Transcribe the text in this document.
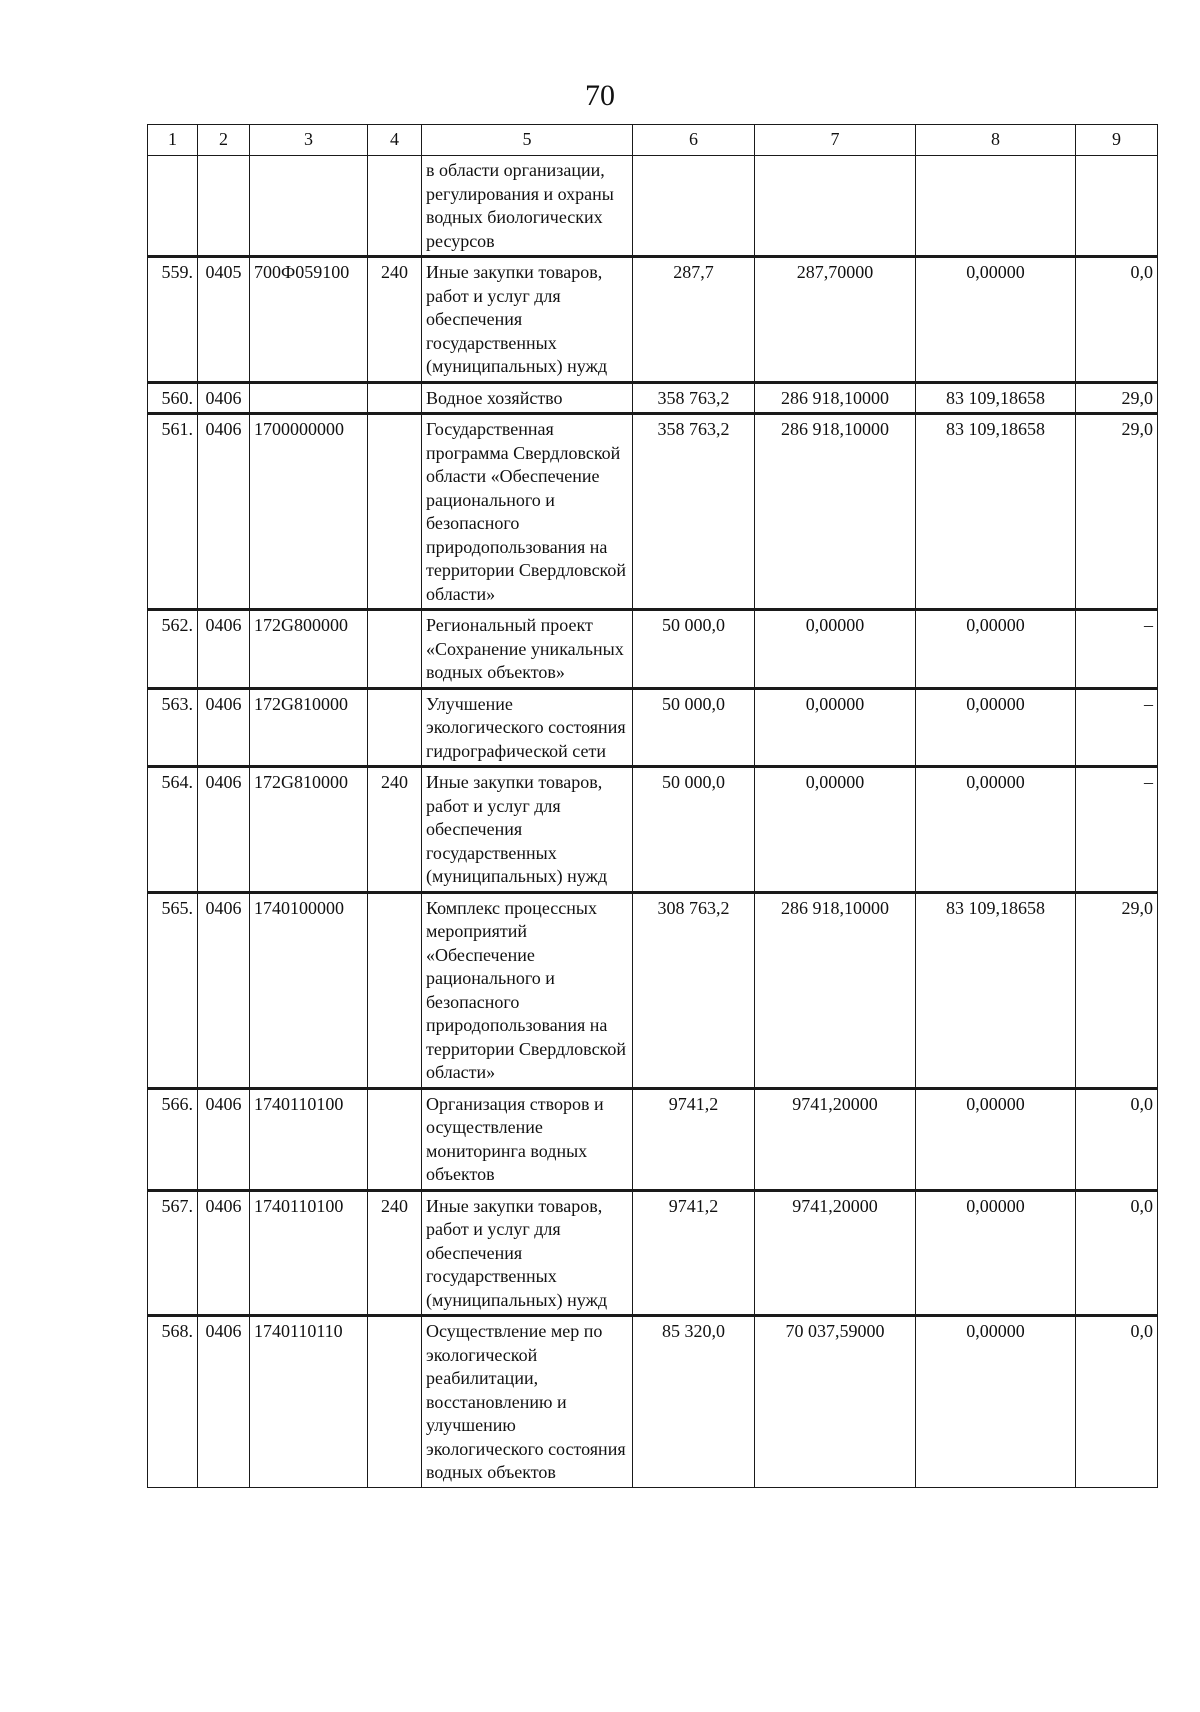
70
1	2	3	4	5	6	7	8	9
				в области организации, регулирования и охраны водных биологических ресурсов				
559.	0405	700Ф059100	240	Иные закупки товаров, работ и услуг для обеспечения государственных (муниципальных) нужд	287,7	287,70000	0,00000	0,0
560.	0406			Водное хозяйство	358 763,2	286 918,10000	83 109,18658	29,0
561.	0406	1700000000		Государственная программа Свердловской области «Обеспечение рационального и безопасного природопользования на территории Свердловской области»	358 763,2	286 918,10000	83 109,18658	29,0
562.	0406	172G800000		Региональный проект «Сохранение уникальных водных объектов»	50 000,0	0,00000	0,00000	–
563.	0406	172G810000		Улучшение экологического состояния гидрографической сети	50 000,0	0,00000	0,00000	–
564.	0406	172G810000	240	Иные закупки товаров, работ и услуг для обеспечения государственных (муниципальных) нужд	50 000,0	0,00000	0,00000	–
565.	0406	1740100000		Комплекс процессных мероприятий «Обеспечение рационального и безопасного природопользования на территории Свердловской области»	308 763,2	286 918,10000	83 109,18658	29,0
566.	0406	1740110100		Организация створов и осуществление мониторинга водных объектов	9741,2	9741,20000	0,00000	0,0
567.	0406	1740110100	240	Иные закупки товаров, работ и услуг для обеспечения государственных (муниципальных) нужд	9741,2	9741,20000	0,00000	0,0
568.	0406	1740110110		Осуществление мер по экологической реабилитации, восстановлению и улучшению экологического состояния водных объектов	85 320,0	70 037,59000	0,00000	0,0
